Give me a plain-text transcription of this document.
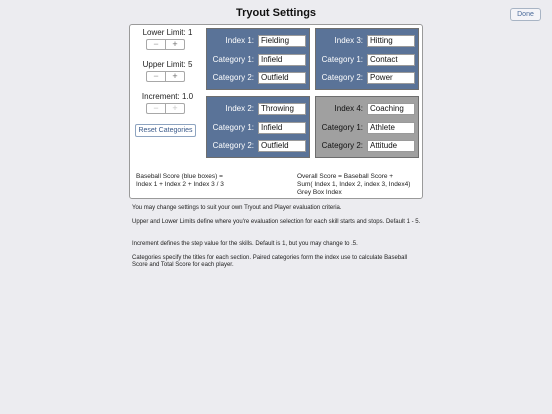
Tryout Settings	Done
Lower Limit: 1
−	+
Upper Limit: 5
−	+
Increment: 1.0
−	+
Reset Categories
Index 1: Fielding
Category 1: Infield
Category 2: Outfield
Index 3: Hitting
Category 1: Contact
Category 2: Power
Index 2: Throwing
Category 1: Infield
Category 2: Outfield
Index 4: Coaching
Category 1: Athlete
Category 2: Attitude
Baseball Score (blue boxes) =
Index 1 + Index 2 + Index 3 / 3
Overall Score = Baseball Score +
Sum( Index 1, Index 2, index 3, Index4)
Grey Box Index
You may change settings to suit your own Tryout and Player evaluation criteria.
Upper and Lower Limits define where you're evaluation selection for each skill starts and stops. Default 1 - 5.
Increment defines the step value for the skills. Default is 1, but you may change to .5.
Categories specify the titles for each section. Paired categories form the index use to calculate Baseball Score and Total Score for each player.
